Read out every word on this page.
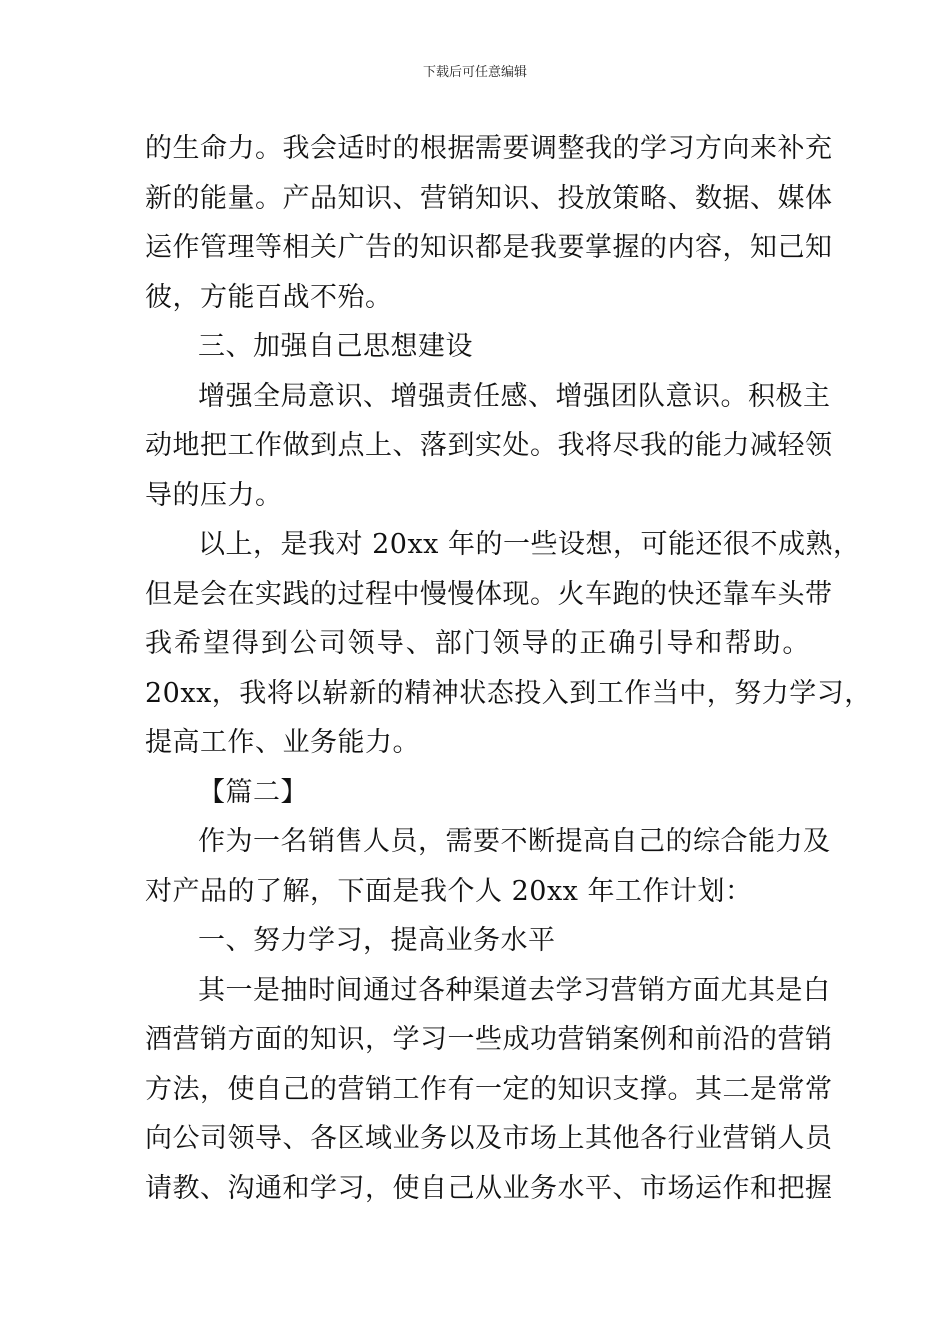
下载后可任意编辑
的生命力。我会适时的根据需要调整我的学习方向来补充
新的能量。产品知识、营销知识、投放策略、数据、媒体
运作管理等相关广告的知识都是我要掌握的内容，知己知
彼，方能百战不殆。
三、加强自己思想建设
增强全局意识、增强责任感、增强团队意识。积极主
动地把工作做到点上、落到实处。我将尽我的能力减轻领
导的压力。
以上，是我对 20xx 年的一些设想，可能还很不成熟，
但是会在实践的过程中慢慢体现。火车跑的快还靠车头带
我 希 望 得 到 公 司 领 导 、 部 门 领 导 的 正 确 引 导 和 帮 助 。
20xx，我将以崭新的精神状态投入到工作当中，努力学习，
提高工作、业务能力。
【篇二】
作为一名销售人员，需要不断提高自己的综合能力及
对产品的了解，下面是我个人 20xx 年工作计划：
一、努力学习，提高业务水平
其一是抽时间通过各种渠道去学习营销方面尤其是白
酒营销方面的知识，学习一些成功营销案例和前沿的营销
方法，使自己的营销工作有一定的知识支撑。其二是常常
向公司领导、各区域业务以及市场上其他各行业营销人员
请教、沟通和学习，使自己从业务水平、市场运作和把握
